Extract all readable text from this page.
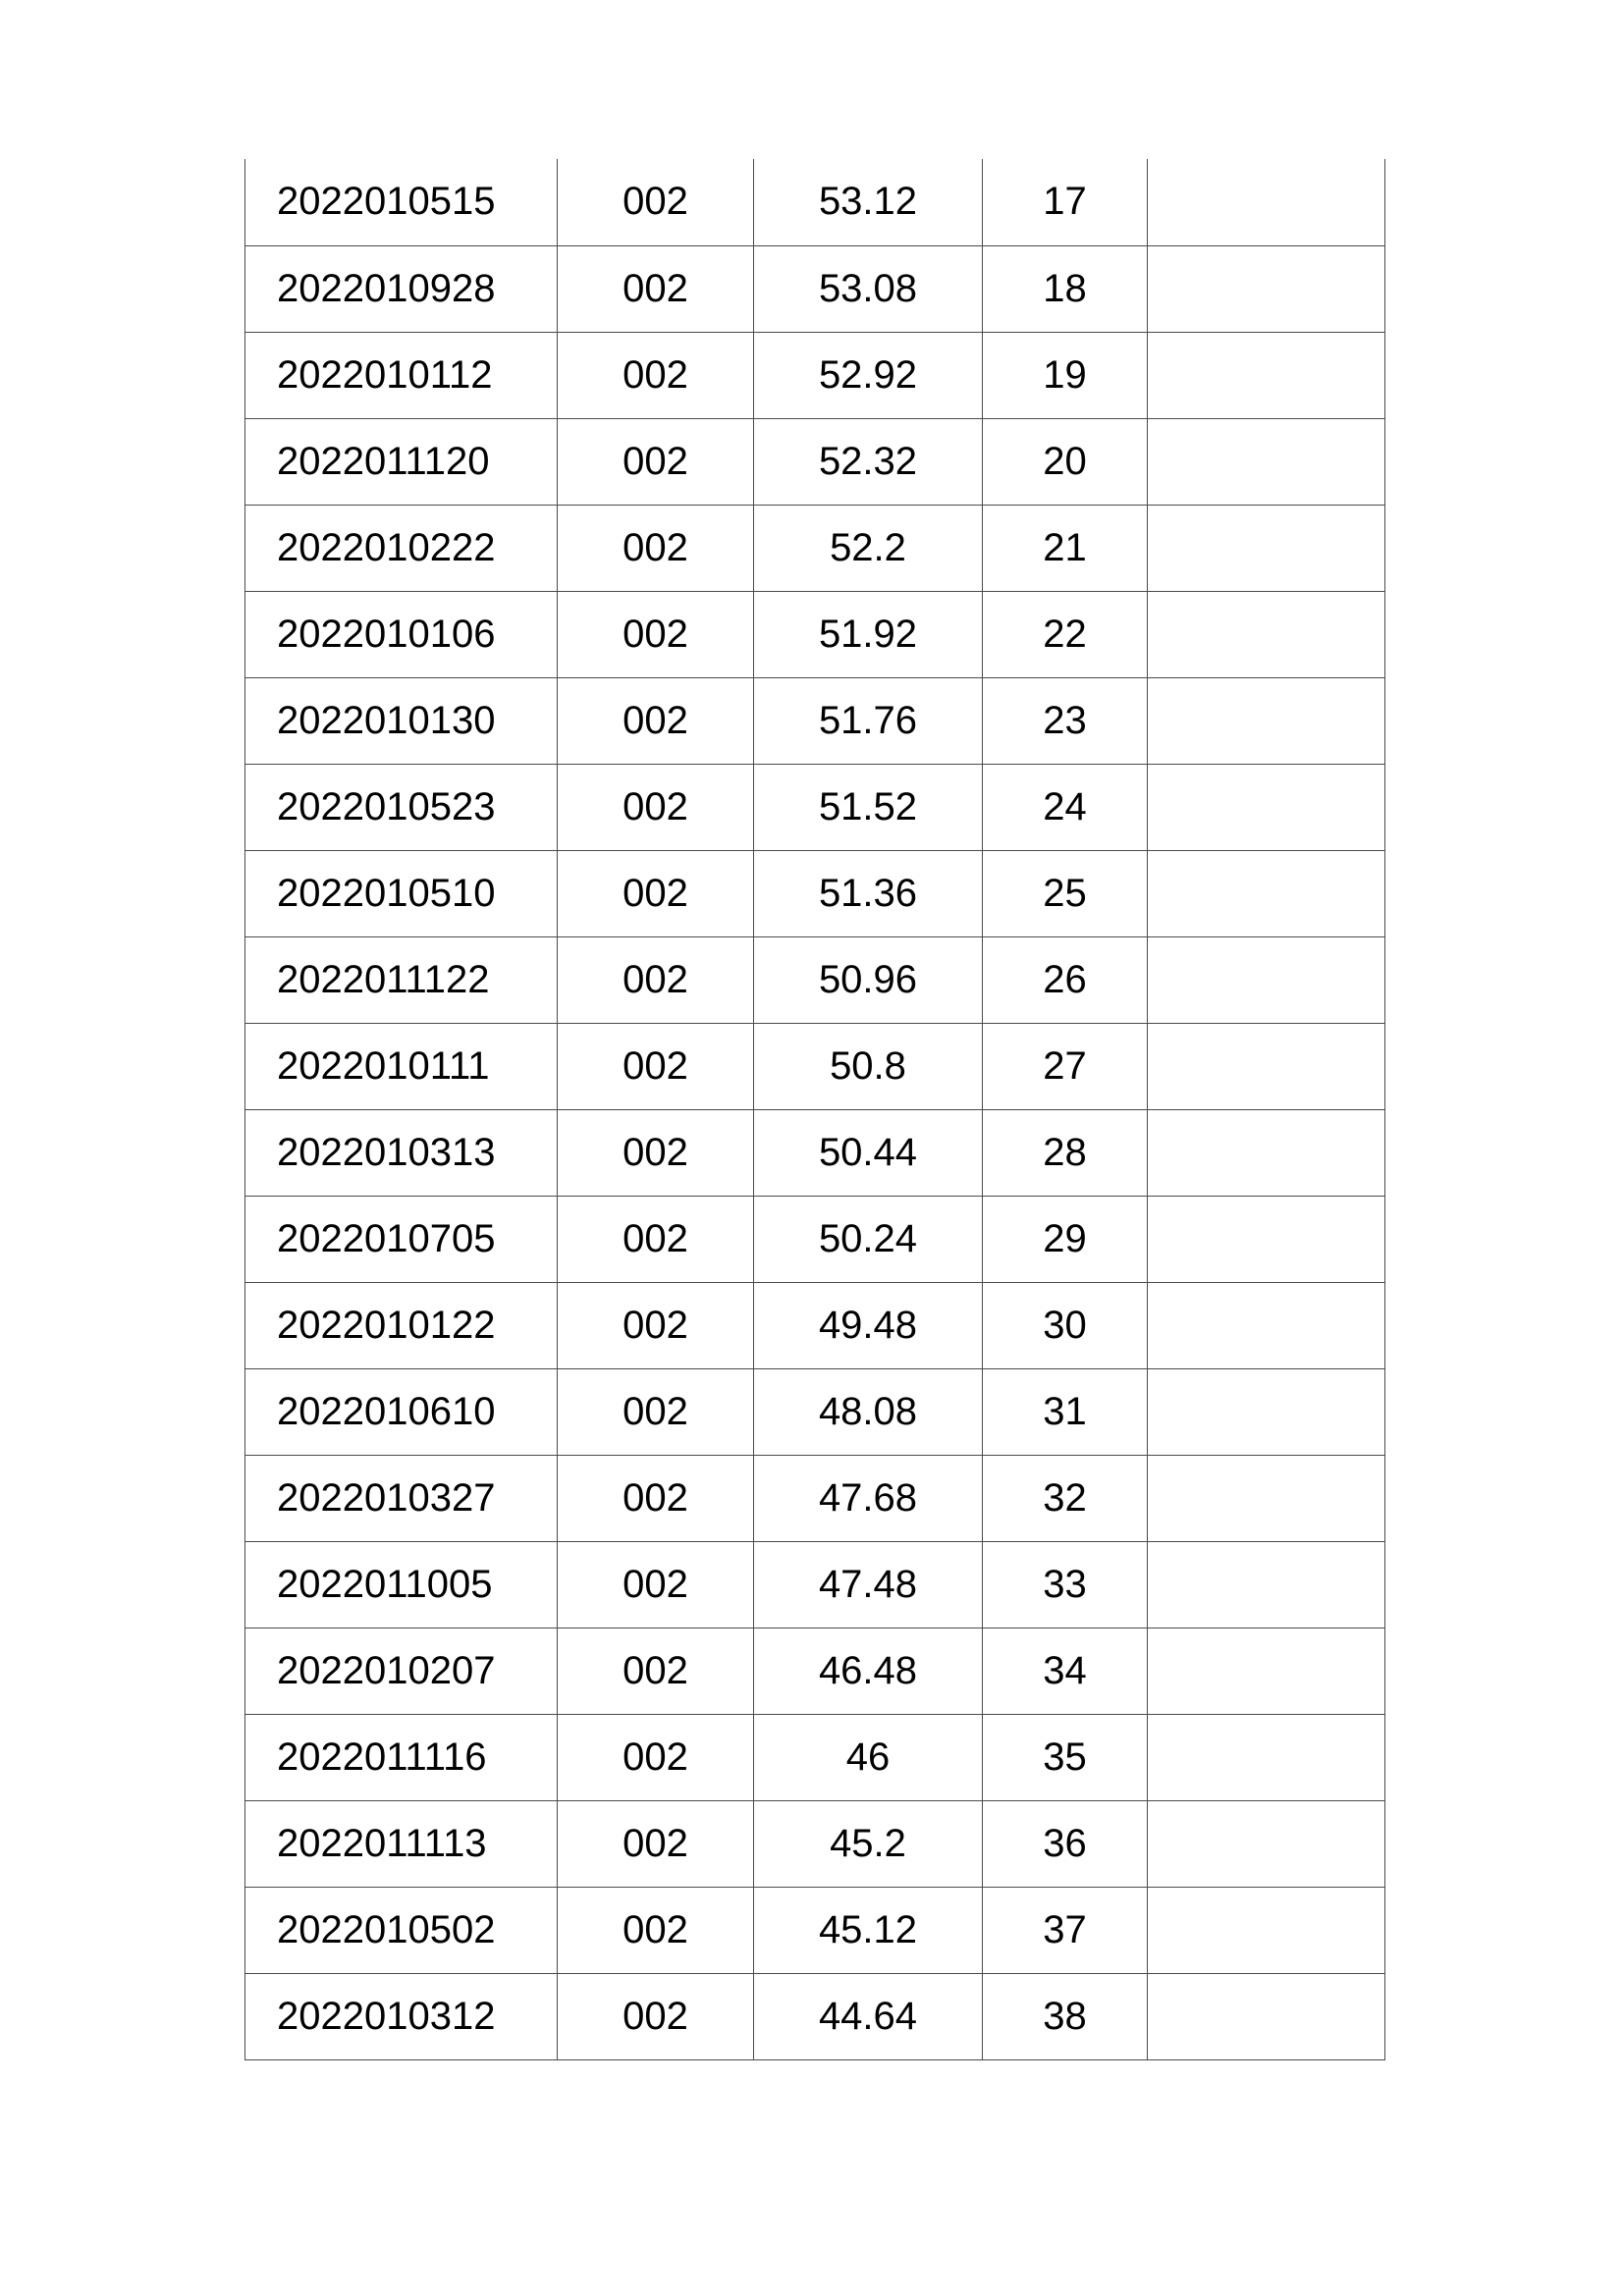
2022010515	002	53.12	17	
2022010928	002	53.08	18	
2022010112	002	52.92	19	
2022011120	002	52.32	20	
2022010222	002	52.2	21	
2022010106	002	51.92	22	
2022010130	002	51.76	23	
2022010523	002	51.52	24	
2022010510	002	51.36	25	
2022011122	002	50.96	26	
2022010111	002	50.8	27	
2022010313	002	50.44	28	
2022010705	002	50.24	29	
2022010122	002	49.48	30	
2022010610	002	48.08	31	
2022010327	002	47.68	32	
2022011005	002	47.48	33	
2022010207	002	46.48	34	
2022011116	002	46	35	
2022011113	002	45.2	36	
2022010502	002	45.12	37	
2022010312	002	44.64	38	
